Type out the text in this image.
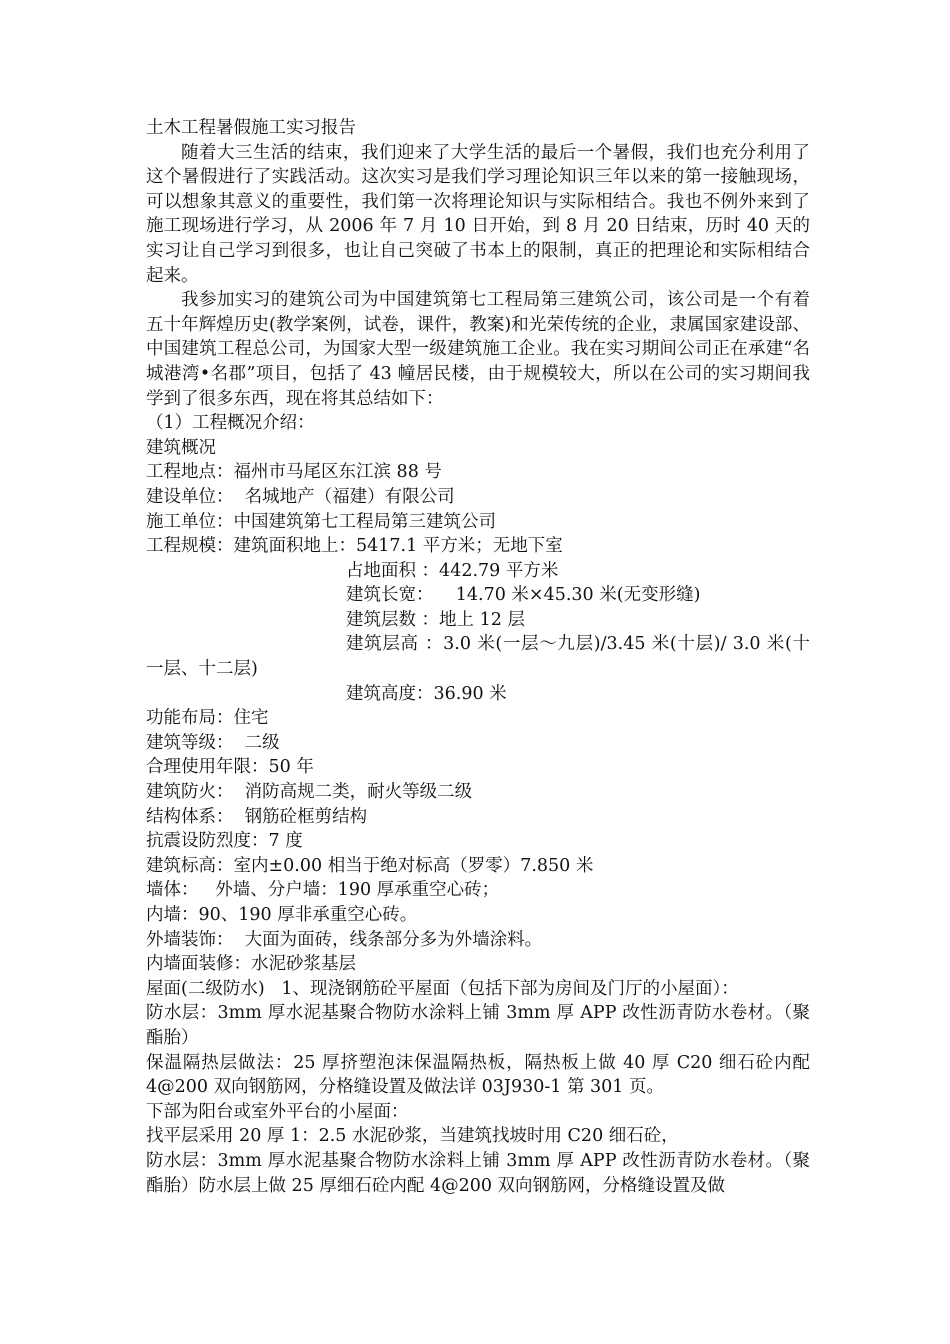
土木工程暑假施工实习报告

随着大三生活的结束，我们迎来了大学生活的最后一个暑假，我们也充分利用了这个暑假进行了实践活动。这次实习是我们学习理论知识三年以来的第一接触现场，可以想象其意义的重要性，我们第一次将理论知识与实际相结合。我也不例外来到了施工现场进行学习，从 2006 年 7 月 10 日开始，到 8 月 20 日结束，历时 40 天的实习让自己学习到很多，也让自己突破了书本上的限制，真正的把理论和实际相结合起来。

我参加实习的建筑公司为中国建筑第七工程局第三建筑公司，该公司是一个有着五十年辉煌历史(教学案例，试卷，课件，教案)和光荣传统的企业，隶属国家建设部、中国建筑工程总公司，为国家大型一级建筑施工企业。我在实习期间公司正在承建“名城港湾•名郡”项目，包括了 43 幢居民楼，由于规模较大，所以在公司的实习期间我学到了很多东西，现在将其总结如下：

（1）工程概况介绍：

建筑概况

工程地点：福州市马尾区东江滨 88 号

建设单位：  名城地产（福建）有限公司

施工单位：中国建筑第七工程局第三建筑公司

工程规模：建筑面积地上：5417.1 平方米；无地下室

占地面积 ：442.79 平方米

建筑长宽：    14.70 米×45.30 米(无变形缝)

建筑层数 ：地上 12 层

建筑层高 ：3.0 米(一层～九层)/3.45 米(十层)/ 3.0 米(十一层、十二层)

建筑高度：36.90 米

功能布局：住宅

建筑等级：  二级

合理使用年限：50 年

建筑防火：  消防高规二类，耐火等级二级

结构体系：  钢筋砼框剪结构

抗震设防烈度：7 度

建筑标高：室内±0.00 相当于绝对标高（罗零）7.850 米

墙体：   外墙、分户墙：190 厚承重空心砖；

内墙：90、190 厚非承重空心砖。

外墙装饰：  大面为面砖，线条部分多为外墙涂料。

内墙面装修：水泥砂浆基层

屋面(二级防水)   1、现浇钢筋砼平屋面（包括下部为房间及门厅的小屋面）：

防水层：3mm 厚水泥基聚合物防水涂料上铺 3mm 厚 APP 改性沥青防水卷材。（聚酯胎）

保温隔热层做法：25 厚挤塑泡沫保温隔热板，隔热板上做 40 厚 C20 细石砼内配 4@200 双向钢筋网，分格缝设置及做法详 03J930-1 第 301 页。

下部为阳台或室外平台的小屋面：

找平层采用 20 厚 1：2.5 水泥砂浆，当建筑找坡时用 C20 细石砼，

防水层：3mm 厚水泥基聚合物防水涂料上铺 3mm 厚 APP 改性沥青防水卷材。（聚酯胎）防水层上做 25 厚细石砼内配 4@200 双向钢筋网，分格缝设置及做
